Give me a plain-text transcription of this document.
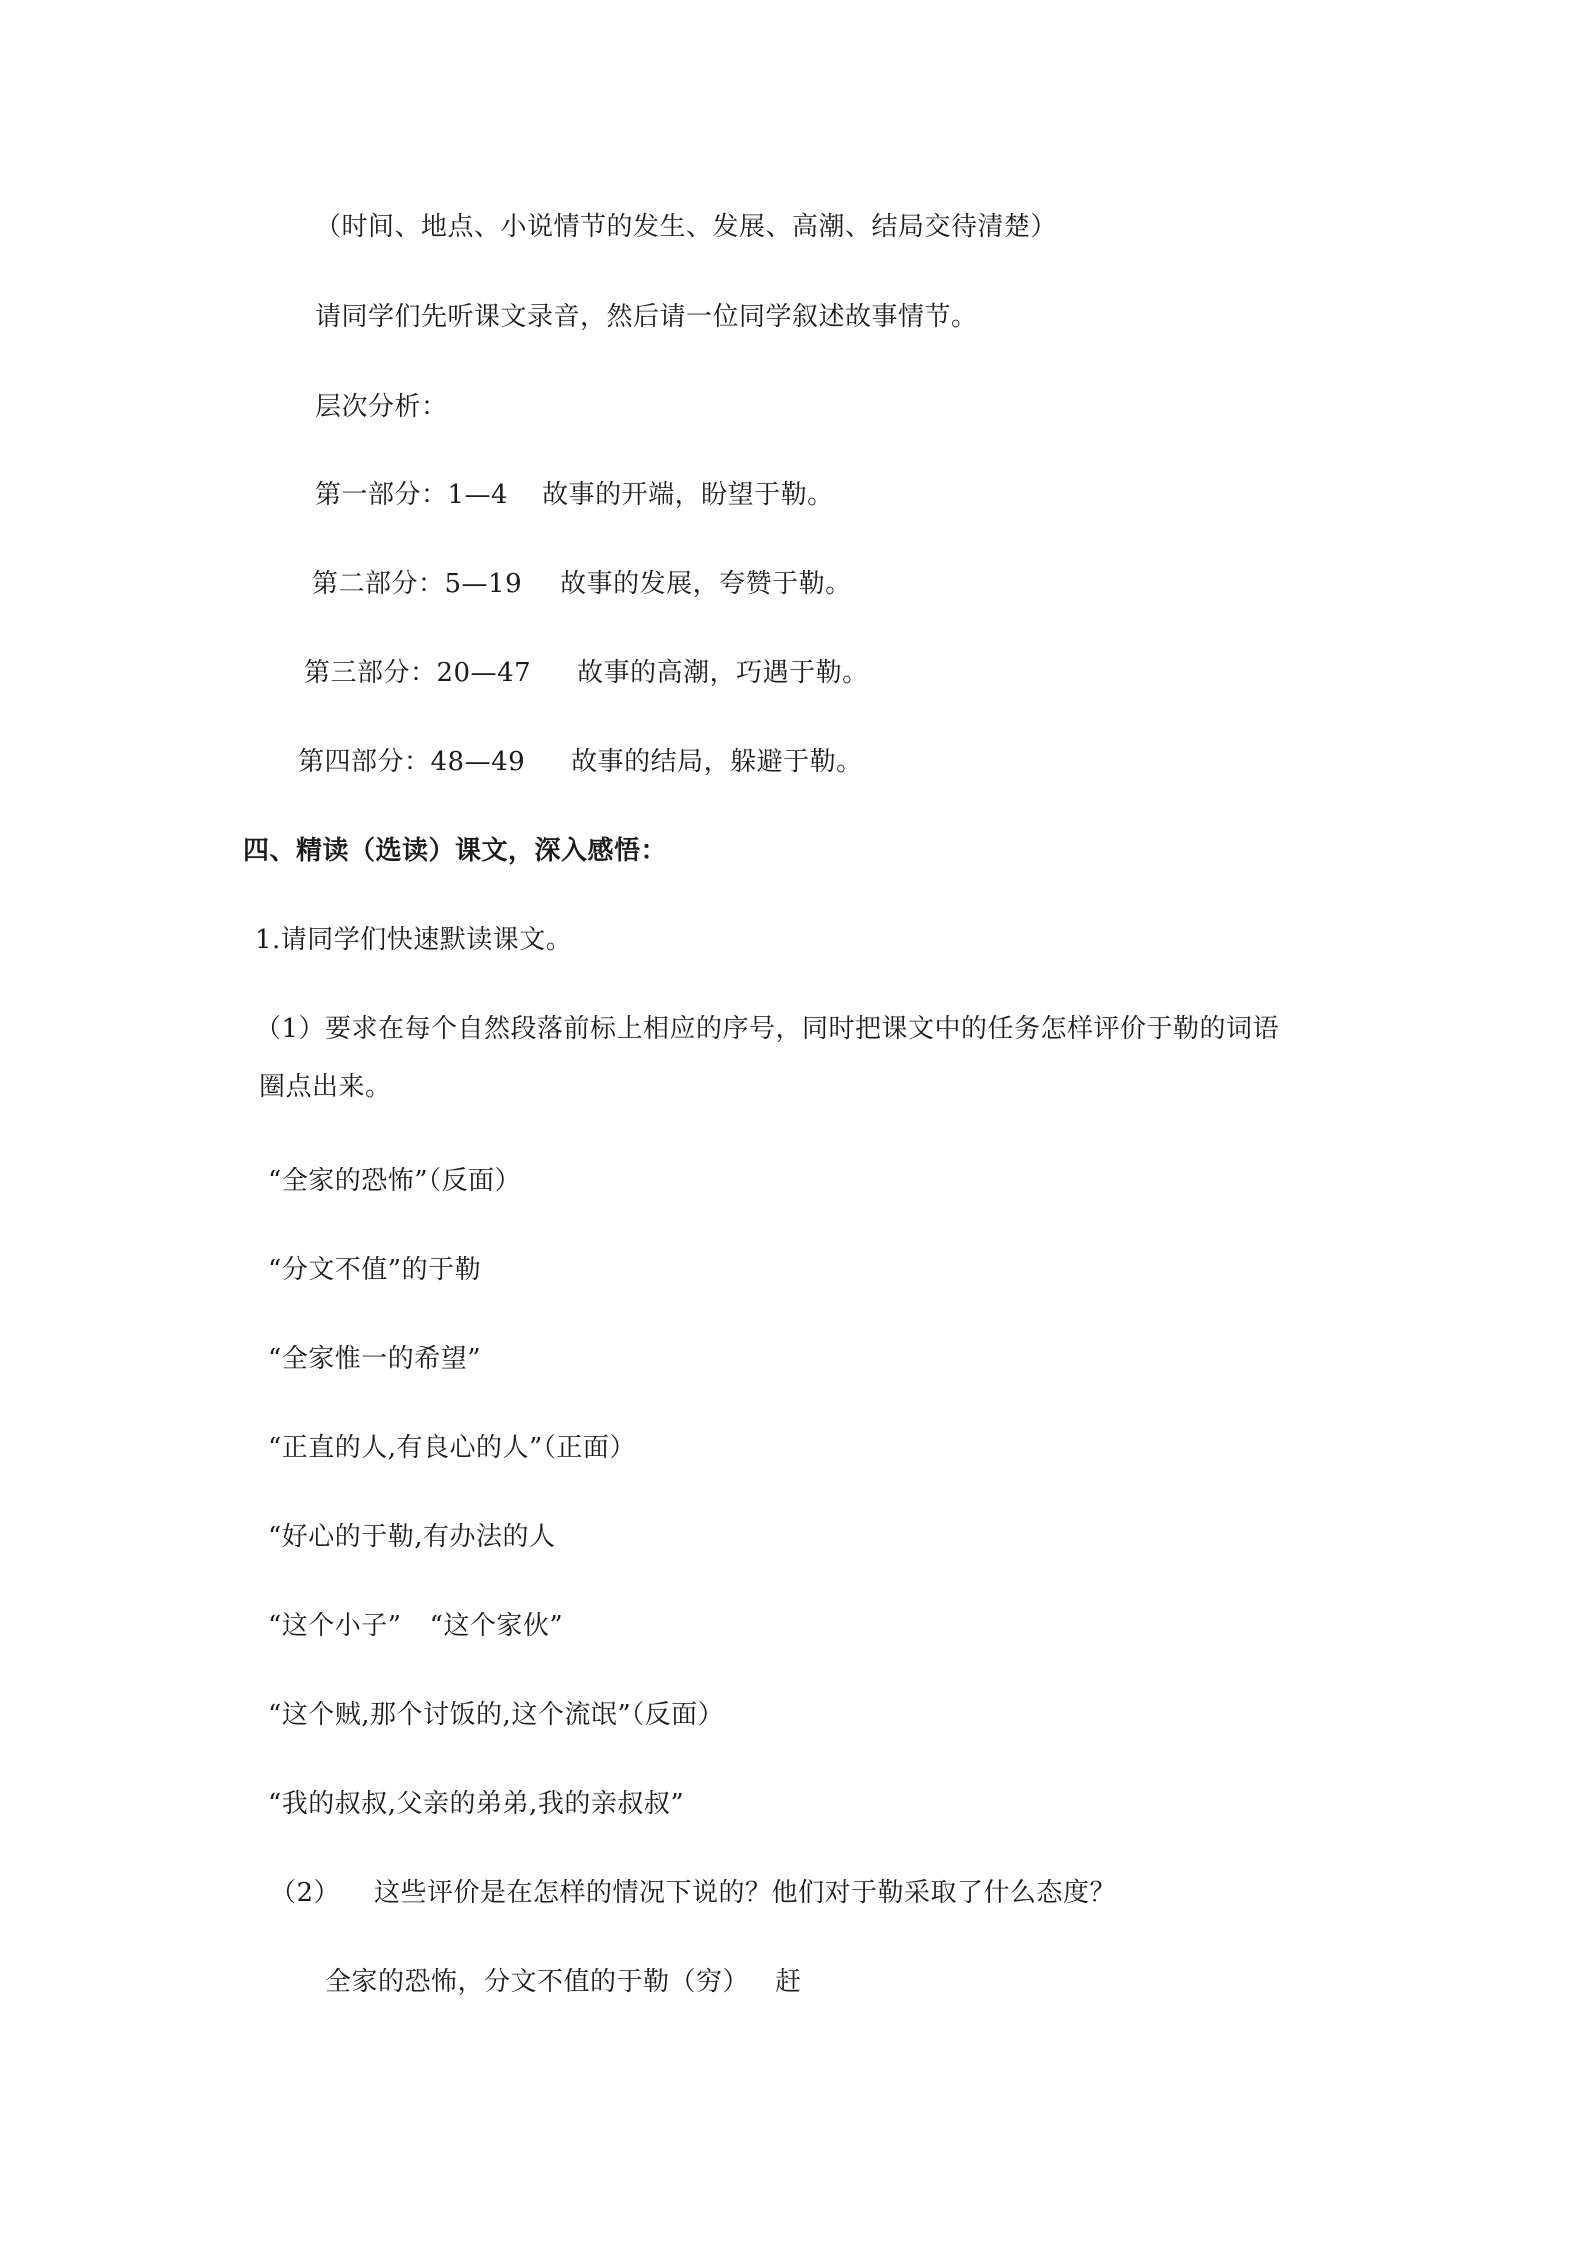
（时间、地点、小说情节的发生、发展、高潮、结局交待清楚）
请同学们先听课文录音，然后请一位同学叙述故事情节。
层次分析：
第一部分：1—4 故事的开端，盼望于勒。
第二部分：5—19 故事的发展，夸赞于勒。
第三部分：20—47 故事的高潮，巧遇于勒。
第四部分：48—49 故事的结局，躲避于勒。
四、精读（选读）课文，深入感悟：
1.请同学们快速默读课文。
（1）要求在每个自然段落前标上相应的序号，同时把课文中的任务怎样评价于勒的词语
圈点出来。
“全家的恐怖”（反面）
“分文不值”的于勒
“全家惟一的希望”
“正直的人,有良心的人”（正面）
“好心的于勒,有办法的人
“这个小子” “这个家伙”
“这个贼,那个讨饭的,这个流氓”（反面）
“我的叔叔,父亲的弟弟,我的亲叔叔”
（2） 这些评价是在怎样的情况下说的？他们对于勒采取了什么态度？
全家的恐怖，分文不值的于勒（穷） 赶
